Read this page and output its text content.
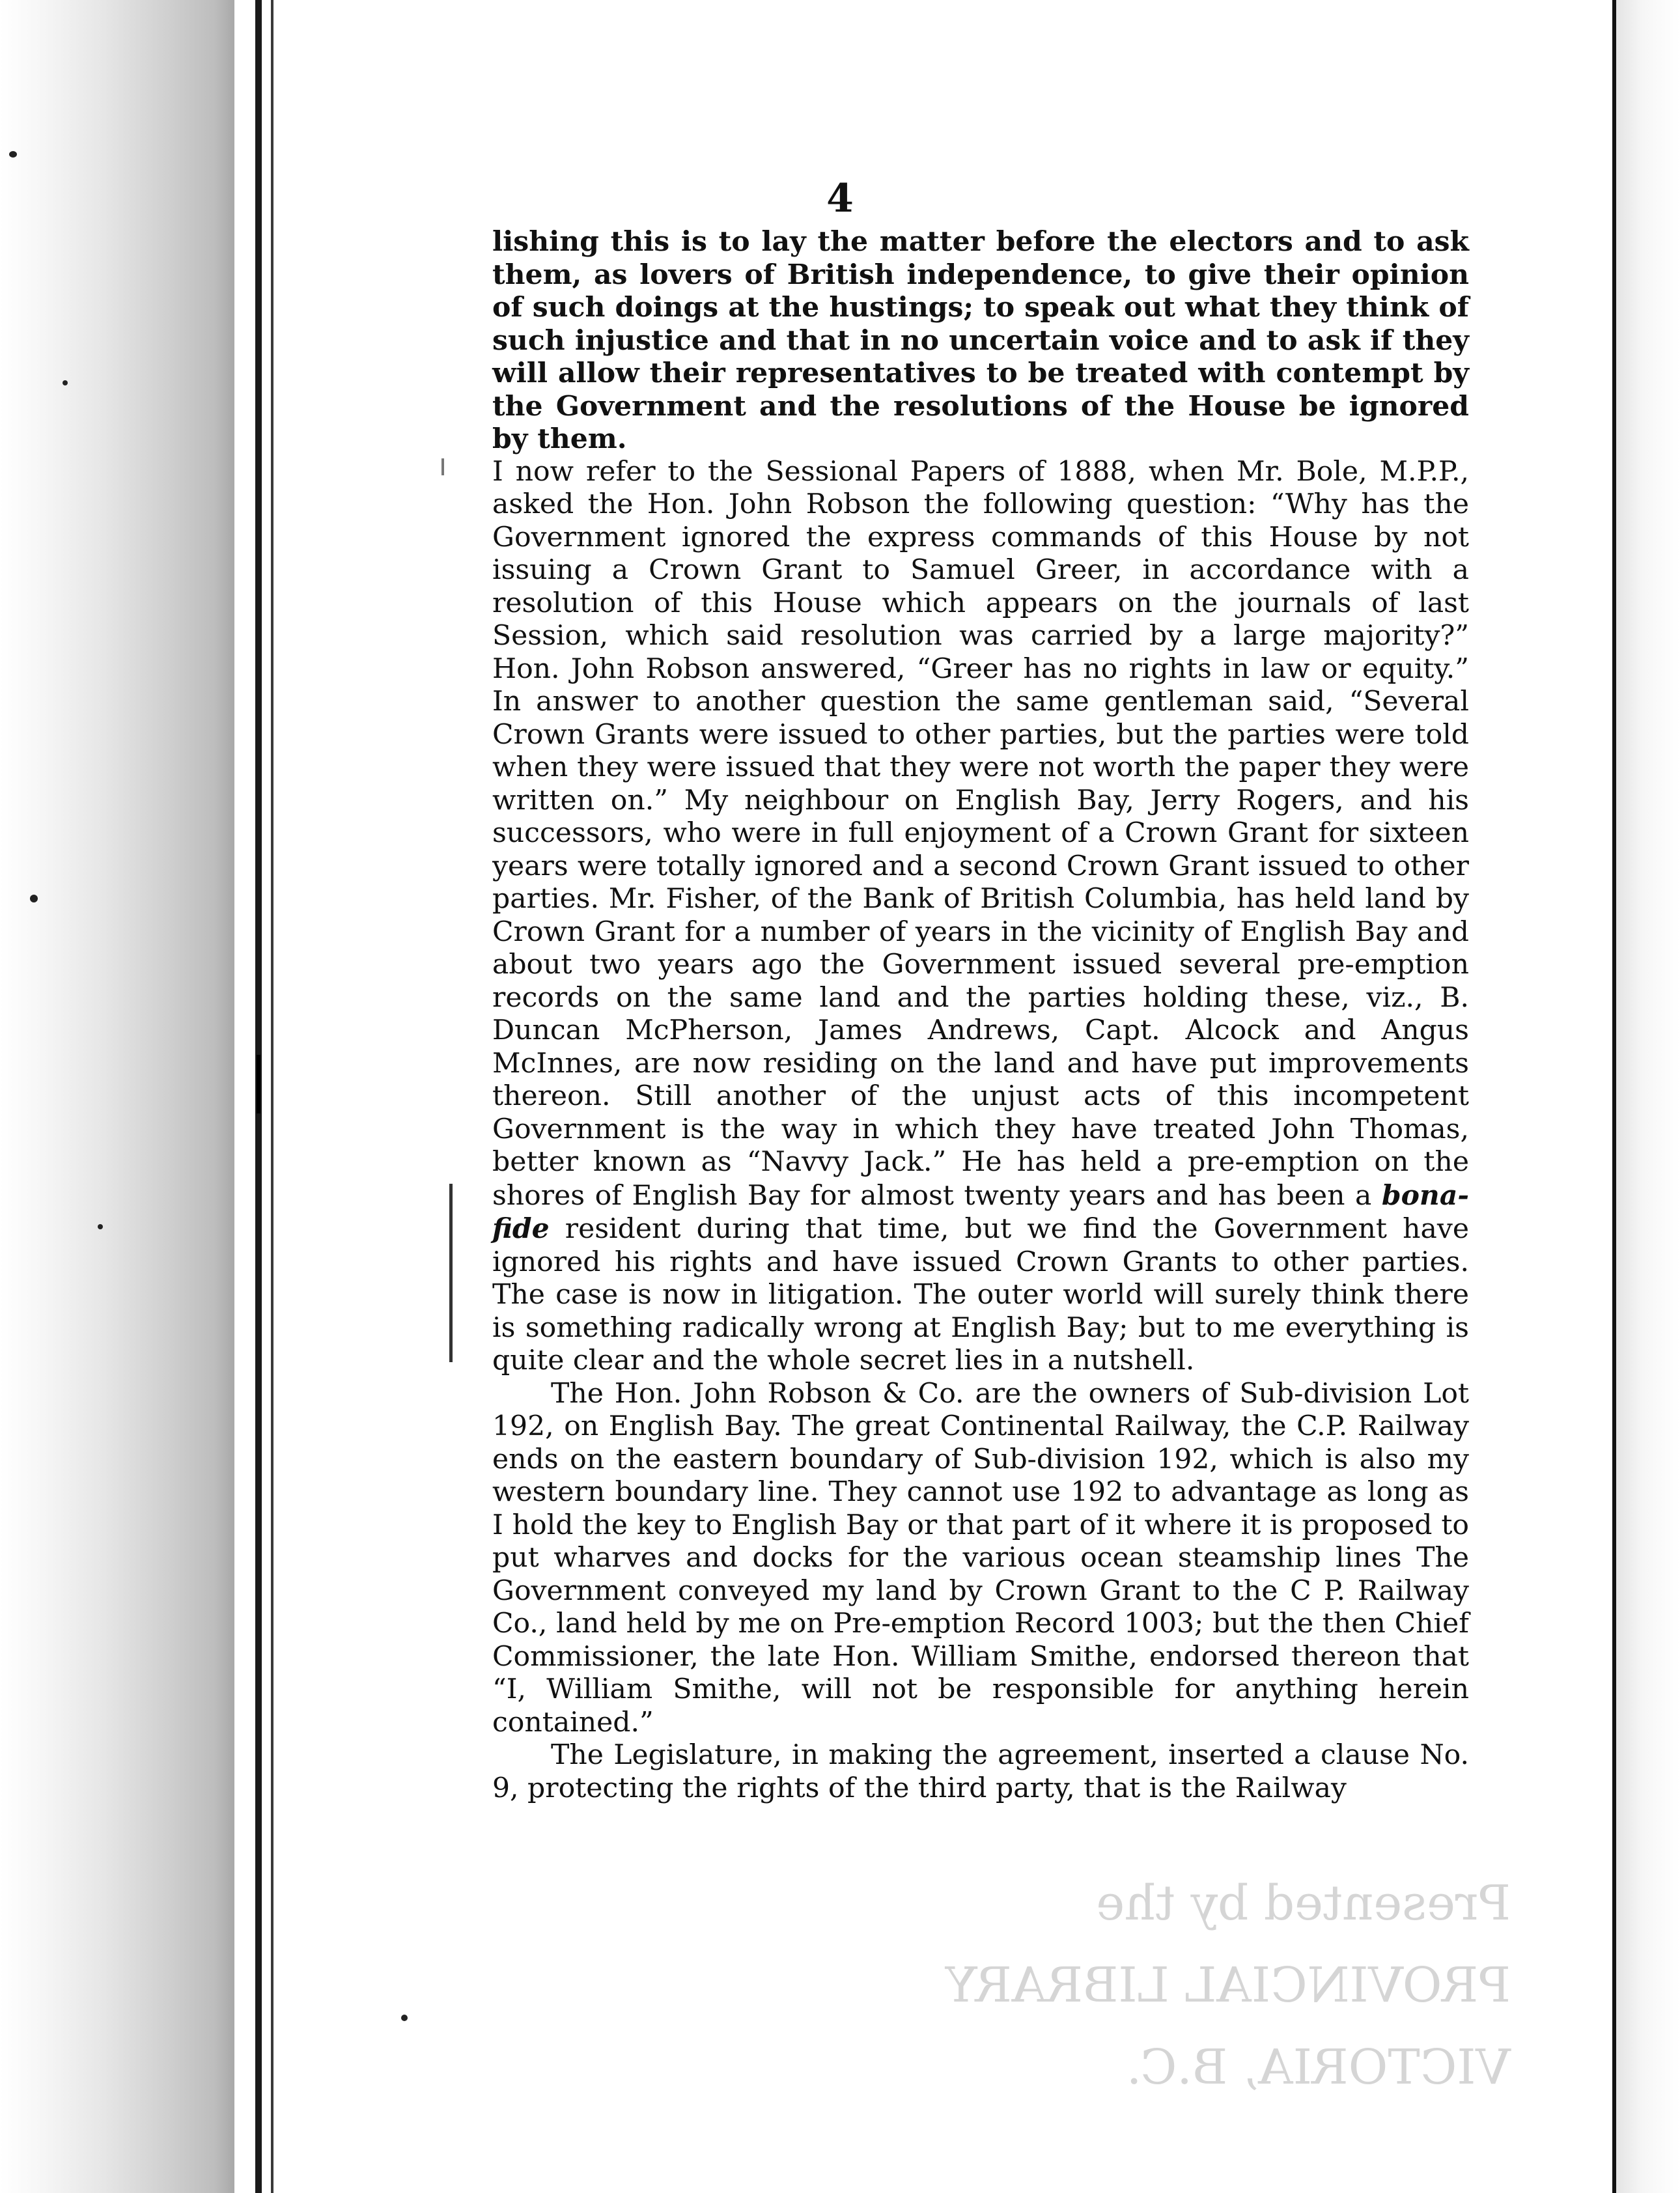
4

lishing this is to lay the matter before the electors and to ask them, as lovers of British independence, to give their opinion of such doings at the hustings; to speak out what they think of such injustice and that in no uncertain voice and to ask if they will allow their representatives to be treated with contempt by the Government and the resolutions of the House be ignored by them.

I now refer to the Sessional Papers of 1888, when Mr. Bole, M.P.P., asked the Hon. John Robson the following question: “Why has the Government ignored the express commands of this House by not issuing a Crown Grant to Samuel Greer, in accordance with a resolution of this House which appears on the journals of last Session, which said resolution was carried by a large majority?” Hon. John Robson answered, “Greer has no rights in law or equity.” In answer to another question the same gentleman said, “Several Crown Grants were issued to other parties, but the parties were told when they were issued that they were not worth the paper they were written on.” My neighbour on English Bay, Jerry Rogers, and his successors, who were in full enjoyment of a Crown Grant for sixteen years were totally ignored and a second Crown Grant issued to other parties. Mr. Fisher, of the Bank of British Columbia, has held land by Crown Grant for a number of years in the vicinity of English Bay and about two years ago the Government issued several pre-emption records on the same land and the parties holding these, viz., B. Duncan McPherson, James Andrews, Capt. Alcock and Angus McInnes, are now residing on the land and have put improvements thereon. Still another of the unjust acts of this incompetent Government is the way in which they have treated John Thomas, better known as “Navvy Jack.” He has held a pre-emption on the shores of English Bay for almost twenty years and has been a bona-fide resident during that time, but we find the Government have ignored his rights and have issued Crown Grants to other parties. The case is now in litigation. The outer world will surely think there is something radically wrong at English Bay; but to me everything is quite clear and the whole secret lies in a nutshell.

The Hon. John Robson & Co. are the owners of Sub-division Lot 192, on English Bay. The great Continental Railway, the C.P. Railway ends on the eastern boundary of Sub-division 192, which is also my western boundary line. They cannot use 192 to advantage as long as I hold the key to English Bay or that part of it where it is proposed to put wharves and docks for the various ocean steamship lines The Government conveyed my land by Crown Grant to the C P. Railway Co., land held by me on Pre-emption Record 1003; but the then Chief Commissioner, the late Hon. William Smithe, endorsed thereon that “I, William Smithe, will not be responsible for anything herein contained.”

The Legislature, in making the agreement, inserted a clause No. 9, protecting the rights of the third party, that is the Railway

Presented by the
PROVINCIAL LIBRARY
VICTORIA, B.C.
